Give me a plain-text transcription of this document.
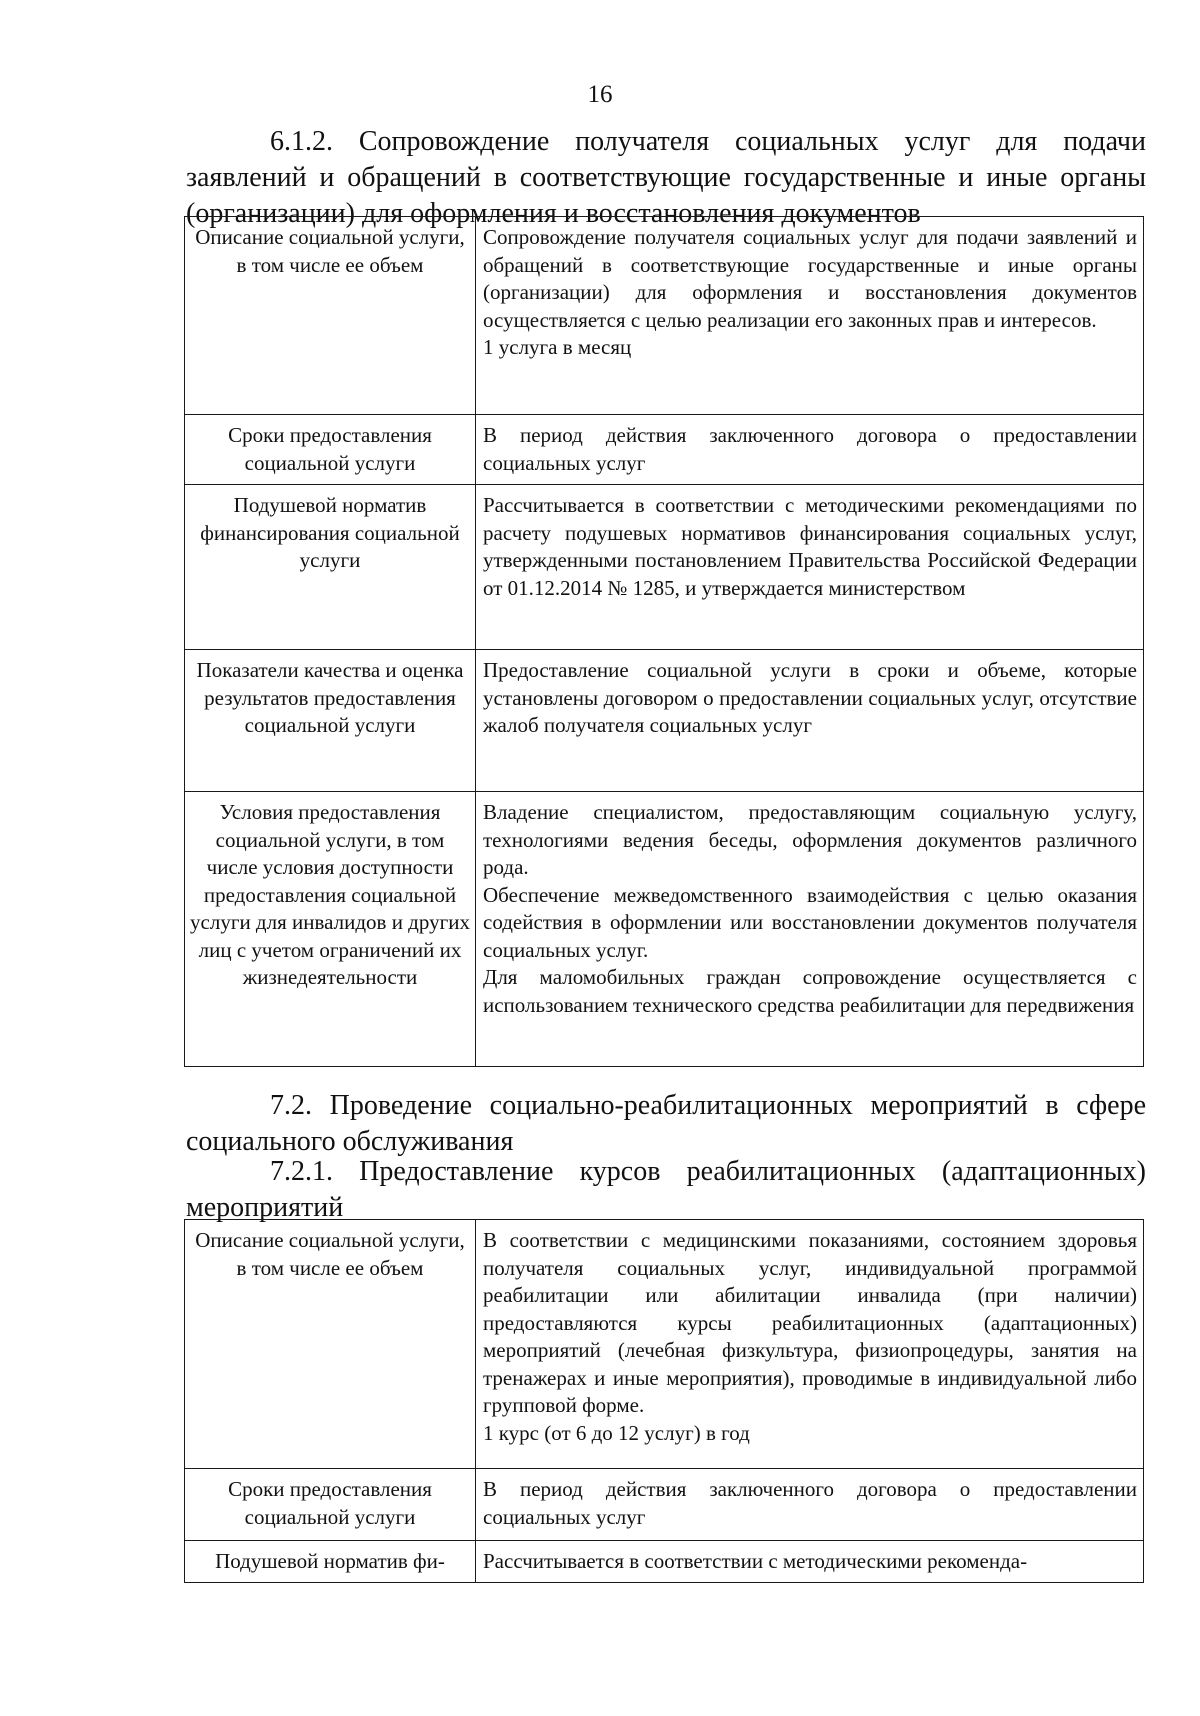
16
6.1.2. Сопровождение получателя социальных услуг для подачи заявлений и обращений в соответствующие государственные и иные органы (организации) для оформления и восстановления документов
Описание социальной услуги, в том числе ее объем	Сопровождение получателя социальных услуг для подачи заявлений и обращений в соответствующие государственные и иные органы (организации) для оформления и восстановления документов осуществляется с целью реализации его законных прав и интересов.
1 услуга в месяц

Сроки предоставления социальной услуги	В период действия заключенного договора о предоставлении социальных услуг

Подушевой норматив финансирования социальной услуги	Рассчитывается в соответствии с методическими рекомендациями по расчету подушевых нормативов финансирования социальных услуг, утвержденными постановлением Правительства Российской Федерации от 01.12.2014 № 1285, и утверждается министерством

Показатели качества и оценка результатов предоставления социальной услуги	Предоставление социальной услуги в сроки и объеме, которые установлены договором о предоставлении социальных услуг, отсутствие жалоб получателя социальных услуг

Условия предоставления социальной услуги, в том числе условия доступности предоставления социальной услуги для инвалидов и других лиц с учетом ограничений их жизнедеятельности	Владение специалистом, предоставляющим социальную услугу, технологиями ведения беседы, оформления документов различного рода.
Обеспечение межведомственного взаимодействия с целью оказания содействия в оформлении или восстановлении документов получателя социальных услуг.
Для маломобильных граждан сопровождение осуществляется с использованием технического средства реабилитации для передвижения
7.2. Проведение социально-реабилитационных мероприятий в сфере социального обслуживания
7.2.1. Предоставление курсов реабилитационных (адаптационных) мероприятий
Описание социальной услуги, в том числе ее объем	В соответствии с медицинскими показаниями, состоянием здоровья получателя социальных услуг, индивидуальной программой реабилитации или абилитации инвалида (при наличии) предоставляются курсы реабилитационных (адаптационных) мероприятий (лечебная физкультура, физиопроцедуры, занятия на тренажерах и иные мероприятия), проводимые в индивидуальной либо групповой форме.
1 курс (от 6 до 12 услуг) в год

Сроки предоставления социальной услуги	В период действия заключенного договора о предоставлении социальных услуг

Подушевой норматив фи-	Рассчитывается в соответствии с методическими рекоменда-
